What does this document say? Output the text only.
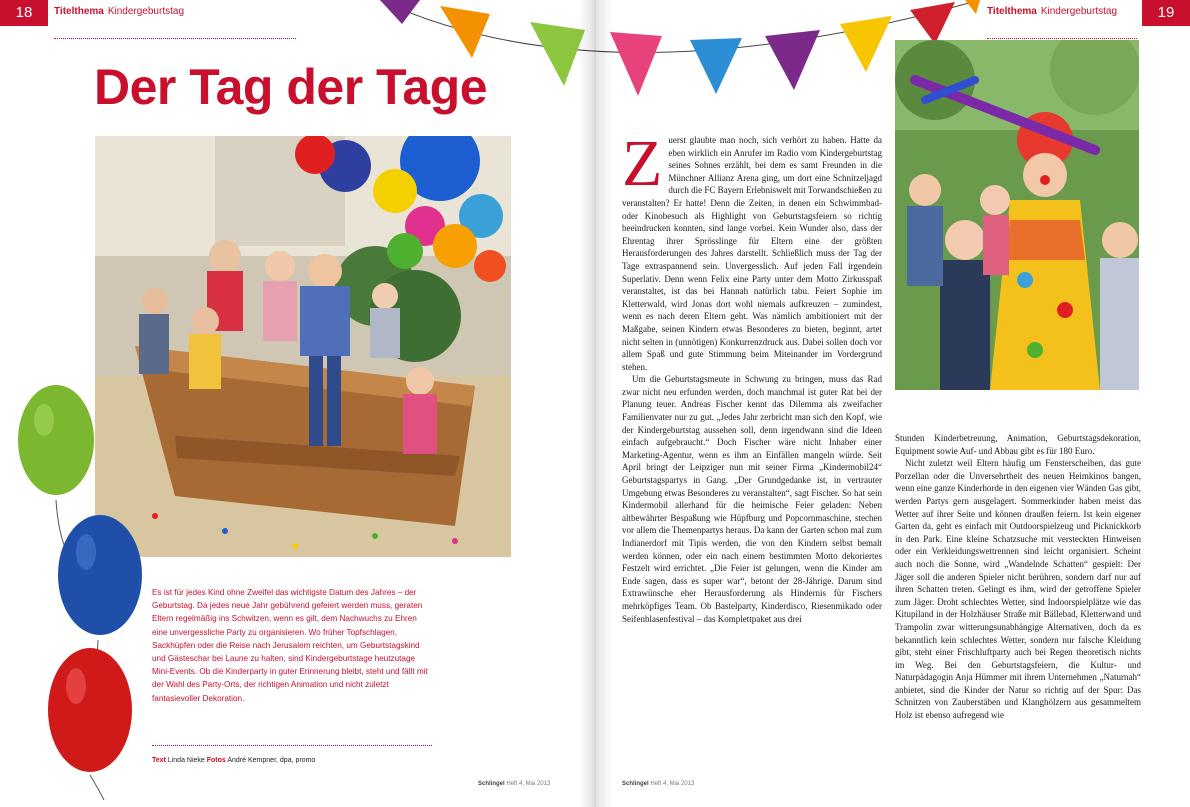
18	Titelthema Kindergeburtstag
Der Tag der Tage
Es ist für jedes Kind ohne Zweifel das wichtigste Datum des Jahres – der Geburtstag. Da jedes neue Jahr gebührend gefeiert werden muss, geraten Eltern regelmäßig ins Schwitzen, wenn es gilt, dem Nachwuchs zu Ehren eine unvergessliche Party zu organisieren. Wo früher Topfschlagen, Sackhüpfen oder die Reise nach Jerusalem reichten, um Geburtstagskind und Gästeschar bei Laune zu halten, sind Kindergeburtstage heutzutage Mini-Events. Ob die Kinderparty in guter Erinnerung bleibt, steht und fällt mit der Wahl des Party-Orts, der richtigen Animation und nicht zuletzt fantasievoller Dekoration.
Text Linda Nieke Fotos André Kempner, dpa, promo
Schlingel Heft 4, Mai 2013
19
Titelthema Kindergeburtstag

Zuerst glaubte man noch, sich verhört zu haben. Hatte da eben wirklich ein Anrufer im Radio vom Kindergeburtstag seines Sohnes erzählt, bei dem es samt Freunden in die Münchner Allianz Arena ging, um dort eine Schnitzeljagd durch die FC Bayern Erlebniswelt mit Torwandschießen zu veranstalten? Er hatte! Denn die Zeiten, in denen ein Schwimmbad- oder Kinobesuch als Highlight von Geburtstagsfeiern so richtig beeindrucken konnten, sind lange vorbei. Kein Wunder also, dass der Ehrentag ihrer Sprösslinge für Eltern eine der größten Herausforderungen des Jahres darstellt. Schließlich muss der Tag der Tage extraspannend sein. Unvergesslich. Auf jeden Fall irgendein Superlativ. Denn wenn Felix eine Party unter dem Motto Zirkusspaß veranstaltet, ist das bei Hannah natürlich tabu. Feiert Sophie im Kletterwald, wird Jonas dort wohl niemals aufkreuzen – zumindest, wenn es nach deren Eltern geht. Was nämlich ambitioniert mit der Maßgabe, seinen Kindern etwas Besonderes zu bieten, beginnt, artet nicht selten in (unnötigen) Konkurrenzdruck aus. Dabei sollen doch vor allem Spaß und gute Stimmung beim Miteinander im Vordergrund stehen.

Um die Geburtstagsmeute in Schwung zu bringen, muss das Rad zwar nicht neu erfunden werden, doch manchmal ist guter Rat bei der Planung teuer. Andreas Fischer kennt das Dilemma als zweifacher Familienvater nur zu gut. „Jedes Jahr zerbricht man sich den Kopf, wie der Kindergeburtstag aussehen soll, denn irgendwann sind die Ideen einfach aufgebraucht.“ Doch Fischer wäre nicht Inhaber einer Marketing-Agentur, wenn es ihm an Einfällen mangeln würde. Seit April bringt der Leipziger nun mit seiner Firma „Kindermobil24“ Geburtstagspartys in Gang. „Der Grundgedanke ist, in vertrauter Umgebung etwas Besonderes zu veranstalten“, sagt Fischer. So hat sein Kindermobil allerhand für die heimische Feier geladen: Neben altbewährter Bespaßung wie Hüpfburg und Popcornmaschine, stechen vor allem die Themenpartys heraus. Da kann der Garten schon mal zum Indianerdorf mit Tipis werden, die von den Kindern selbst bemalt werden können, oder ein nach einem bestimmten Motto dekoriertes Festzelt wird errichtet. „Die Feier ist gelungen, wenn die Kinder am Ende sagen, dass es super war“, betont der 28-Jährige. Darum sind Extrawünsche eher Herausforderung als Hindernis für Fischers mehrköpfiges Team. Ob Bastelparty, Kinderdisco, Riesenmikado oder Seifenblasenfestival – das Komplettpaket aus drei

Stunden Kinderbetreuung, Animation, Geburtstagsdekoration, Equipment sowie Auf- und Abbau gibt es für 180 Euro.

Nicht zuletzt weil Eltern häufig um Fensterscheiben, das gute Porzellan oder die Unversehrtheit des neuen Heimkinos bangen, wenn eine ganze Kinderhorde in den eigenen vier Wänden Gas gibt, werden Partys gern ausgelagert. Sommerkinder haben meist das Wetter auf ihrer Seite und können draußen feiern. Ist kein eigener Garten da, geht es einfach mit Outdoorspielzeug und Picknickkorb in den Park. Eine kleine Schatzsuche mit versteckten Hinweisen oder ein Verkleidungswettrennen sind leicht organisiert. Scheint auch noch die Sonne, wird „Wandelnde Schatten“ gespielt: Der Jäger soll die anderen Spieler nicht berühren, sondern darf nur auf ihren Schatten treten. Gelingt es ihm, wird der getroffene Spieler zum Jäger. Droht schlechtes Wetter, sind Indoorspielplätze wie das Kitupiland in der Holzhäuser Straße mit Bällebad, Kletterwand und Trampolin zwar witterungsunabhängige Alternativen, doch da es bekanntlich kein schlechtes Wetter, sondern nur falsche Kleidung gibt, steht einer Frischluftparty auch bei Regen theoretisch nichts im Weg. Bei den Geburtstagsfeiern, die Kultur- und Naturpädagogin Anja Hümmer mit ihrem Unternehmen „Naturnah“ anbietet, sind die Kinder der Natur so richtig auf der Spur: Das Schnitzen von Zauberstäben und Klanghölzern aus gesammeltem Holz ist ebenso aufregend wie

Schlingel Heft 4, Mai 2013
